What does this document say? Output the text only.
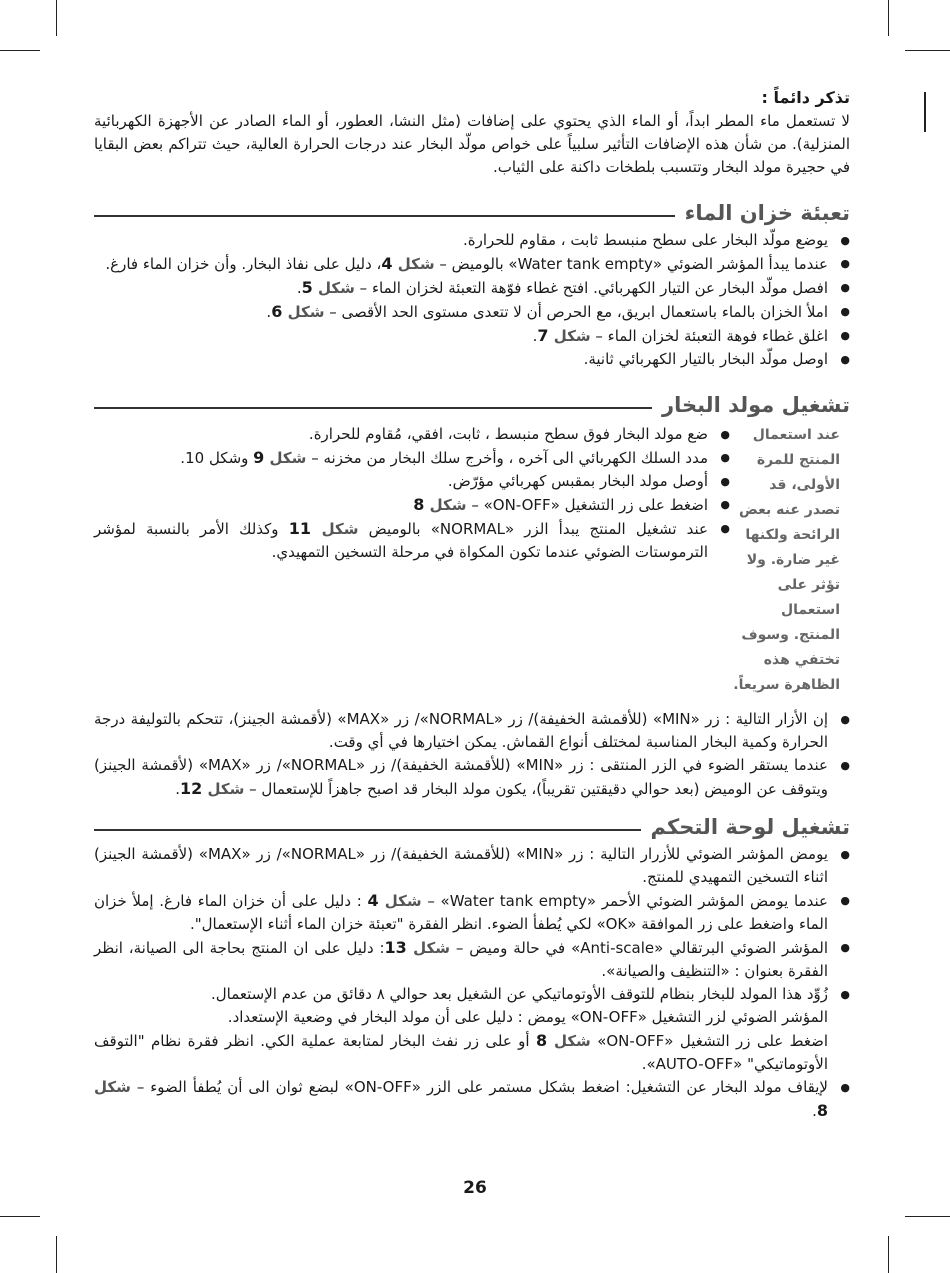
تذكر دائماً :

لا تستعمل ماء المطر ابداً، أو الماء الذي يحتوي على إضافات (مثل النشا، العطور، أو الماء الصادر عن الأجهزة الكهربائية المنزلية). من شأن هذه الإضافات التأثير سلبياً على خواص مولّد البخار عند درجات الحرارة العالية، حيث تتراكم بعض البقايا في حجيرة مولد البخار وتتسبب بلطخات داكنة على الثياب.

تعبئة خزان الماء
● يوضع مولّد البخار على سطح منبسط ثابت ، مقاوم للحرارة.
● عندما يبدأ المؤشر الضوئي «Water tank empty» بالوميض – شكل 4، دليل على نفاذ البخار. وأن خزان الماء فارغ.
● افصل مولّد البخار عن التيار الكهربائي. افتح غطاء فوّهة التعبئة لخزان الماء – شكل 5.
● املأ الخزان بالماء باستعمال ابريق، مع الحرص أن لا تتعدى مستوى الحد الأقصى – شكل 6.
● اغلق غطاء فوهة التعبئة لخزان الماء – شكل 7.
● اوصل مولّد البخار بالتيار الكهربائي ثانية.
تشغيل مولد البخار
عند استعمال المنتج للمرة الأولى، قد تصدر عنه بعض الرائحة ولكنها غير ضارة. ولا تؤثر على استعمال المنتج. وسوف تختفي هذه الظاهرة سريعاً.
● ضع مولد البخار فوق سطح منبسط ، ثابت، افقي، مُقاوم للحرارة.
● مدد السلك الكهربائي الى آخره ، وأخرج سلك البخار من مخزنه – شكل 9 وشكل 10.
● أوصل مولد البخار بمقبس كهربائي مؤرّض.
● اضغط على زر التشغيل «ON-OFF» – شكل 8
● عند تشغيل المنتج يبدأ الزر «NORMAL» بالوميض شكل 11 وكذلك الأمر بالنسبة لمؤشر الترموستات الضوئي عندما تكون المكواة في مرحلة التسخين التمهيدي.
● إن الأزار التالية : زر «MIN» (للأقمشة الخفيفة)/ زر «NORMAL»/ زر «MAX» (لأقمشة الجينز)، تتحكم بالتوليفة درجة الحرارة وكمية البخار المناسبة لمختلف أنواع القماش. يمكن اختيارها في أي وقت.
● عندما يستقر الضوء في الزر المنتقى : زر «MIN» (للأقمشة الخفيفة)/ زر «NORMAL»/ زر «MAX» (لأقمشة الجينز) ويتوقف عن الوميض (بعد حوالي دقيقتين تقريباً)، يكون مولد البخار قد اصبح جاهزاً للإستعمال – شكل 12.
تشغيل لوحة التحكم
● يومض المؤشر الضوئي للأزرار التالية : زر «MIN» (للأقمشة الخفيفة)/ زر «NORMAL»/ زر «MAX» (لأقمشة الجينز) اثناء التسخين التمهيدي للمنتج.
● عندما يومض المؤشر الضوئي الأحمر «Water tank empty» – شكل 4 : دليل على أن خزان الماء فارغ. إملأ خزان الماء واضغط على زر الموافقة «OK» لكي يُطفأ الضوء. انظر الفقرة "تعبئة خزان الماء أثناء الإستعمال".
● المؤشر الضوئي البرتقالي «Anti-scale» في حالة وميض – شكل 13: دليل على ان المنتج بحاجة الى الصيانة، انظر الفقرة بعنوان : «التنظيف والصيانة».
● زُوِّد هذا المولد للبخار بنظام للتوقف الأوتوماتيكي عن الشغيل بعد حوالي ٨ دقائق من عدم الإستعمال.

المؤشر الضوئي لزر التشغيل «ON-OFF» يومض : دليل على أن مولد البخار في وضعية الإستعداد.

اضغط على زر التشغيل «ON-OFF» شكل 8 أو على زر نفث البخار لمتابعة عملية الكي. انظر فقرة نظام "التوقف الأوتوماتيكي" «AUTO-OFF».

● لإيقاف مولد البخار عن التشغيل: اضغط بشكل مستمر على الزر «ON-OFF» لبضع ثوان الى أن يُطفأ الضوء – شكل 8.
26
